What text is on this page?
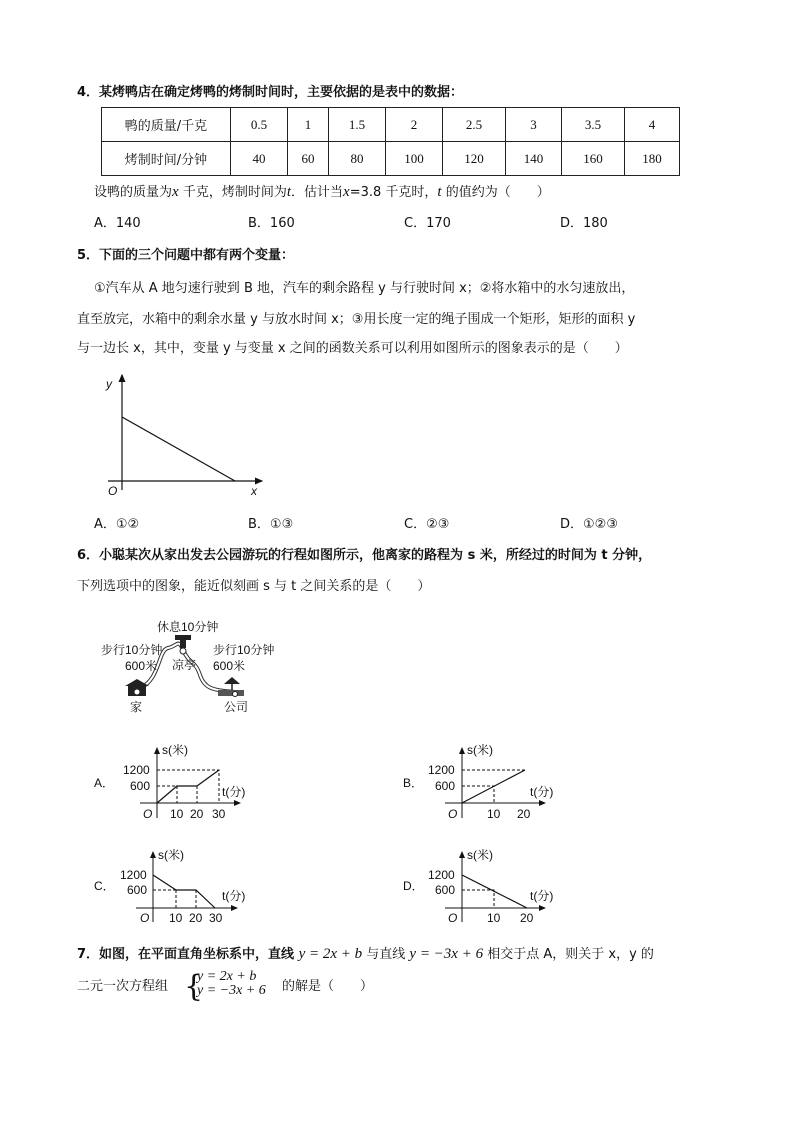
4．某烤鸭店在确定烤鸭的烤制时间时，主要依据的是表中的数据：
鸭的质量/千克	0.5	1	1.5	2	2.5	3	3.5	4
烤制时间/分钟	40	60	80	100	120	140	160	180
设鸭的质量为x 千克，烤制时间为t．估计当x=3.8 千克时，t 的值约为（　　）
A．140	B．160	C．170	D．180
5．下面的三个问题中都有两个变量：
①汽车从 A 地匀速行驶到 B 地，汽车的剩余路程 y 与行驶时间 x；②将水箱中的水匀速放出，
直至放完，水箱中的剩余水量 y 与放水时间 x；③用长度一定的绳子围成一个矩形，矩形的面积 y
与一边长 x，其中，变量 y 与变量 x 之间的函数关系可以利用如图所示的图象表示的是（　　）
y
O	x
休息10分钟
步行10分钟
600米 凉亭
步行10分钟
600米
家	公司
A．
s(米)
t(分)
1200
600
O 10 20 30
B．
s(米)
t(分)
1200
600
O 10 20
C．
s(米)
t(分)
1200
600
O 10 20 30
D．
s(米)
t(分)
1200
600
O 10 20
A．①②	B．①③	C．②③	D．①②③
6．小聪某次从家出发去公园游玩的行程如图所示，他离家的路程为 s 米，所经过的时间为 t 分钟，
下列选项中的图象，能近似刻画 s 与 t 之间关系的是（　　）
7．如图，在平面直角坐标系中，直线 y = 2x + b 与直线 y = −3x + 6 相交于点 A，则关于 x，y 的
二元一次方程组 {
y = 2x + b
y = −3x + 6 的解是（　　）
